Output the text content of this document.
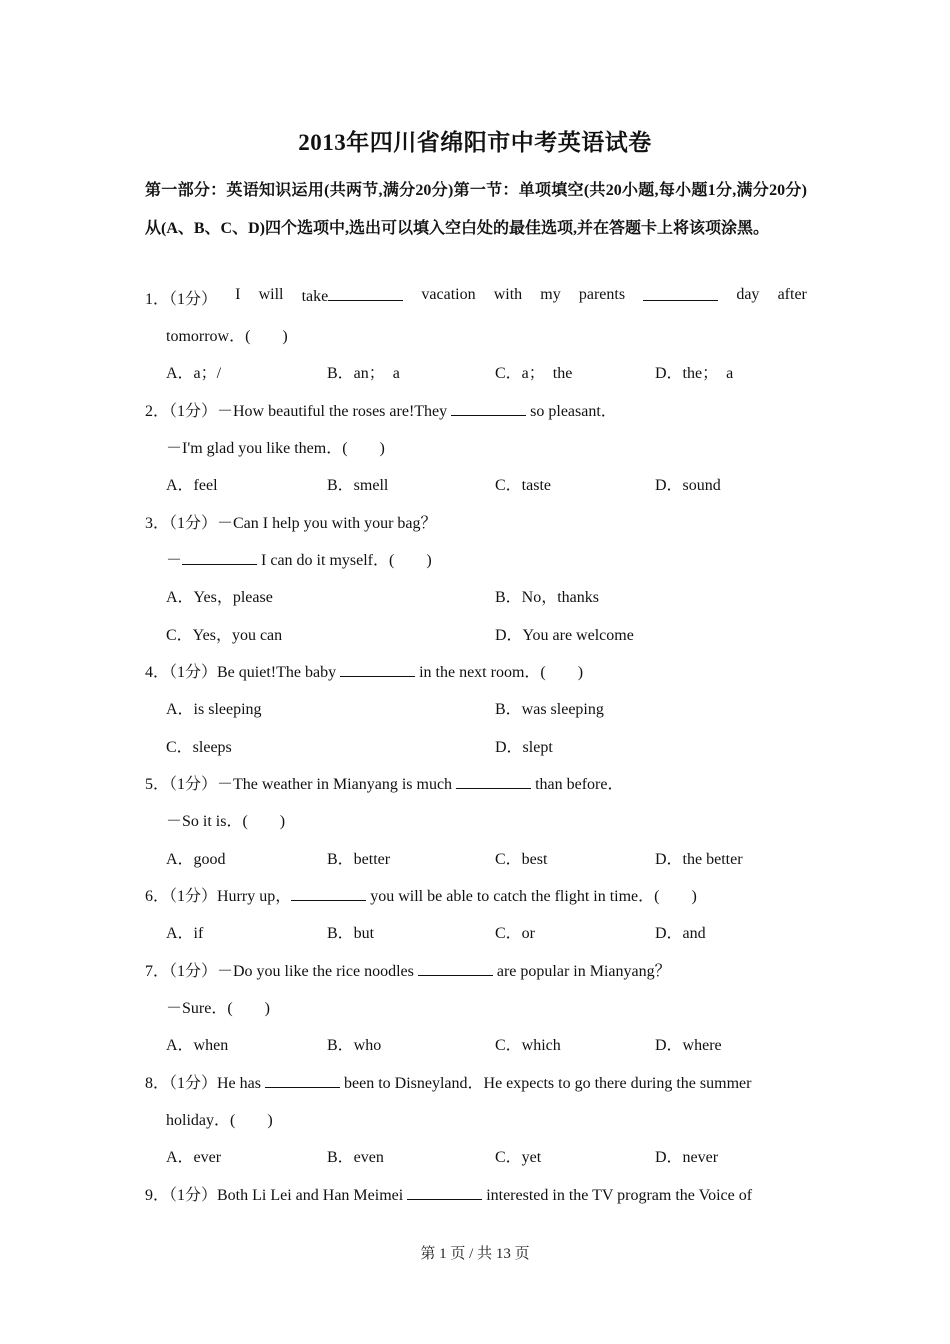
2013年四川省绵阳市中考英语试卷
第一部分：英语知识运用(共两节,满分20分)第一节：单项填空(共20小题,每小题1分,满分20分)从(A、B、C、D)四个选项中,选出可以填入空白处的最佳选项,并在答题卡上将该项涂黑。
1．（1分） I will take	vacation with my parents	day after
tomorrow．(　　)
A．a；/	B．an；　a	C．a；　the	D．the；　a
2．（1分）－How beautiful the roses are!They	so pleasant．
－I'm glad you like them．(　　)
A．feel	B．smell	C．taste	D．sound
3．（1分）－Can I help you with your bag？
－	I can do it myself．(　　)
A．Yes，please	B．No，thanks
C．Yes，you can	D．You are welcome
4．（1分）Be quiet!The baby	in the next room．(　　)
A．is sleeping	B．was sleeping
C．sleeps	D．slept
5．（1分）－The weather in Mianyang is much	than before．
－So it is．(　　)
A．good	B．better	C．best	D．the better
6．（1分）Hurry up，	you will be able to catch the flight in time．(　　)
A．if	B．but	C．or	D．and
7．（1分）－Do you like the rice noodles	are popular in Mianyang？
－Sure．(　　)
A．when	B．who	C．which	D．where
8．（1分）He has	been to Disneyland．He expects to go there during the summer
holiday．(　　)
A．ever	B．even	C．yet	D．never
9．（1分）Both Li Lei and Han Meimei	interested in the TV program the Voice of
第 1 页 / 共 13 页
